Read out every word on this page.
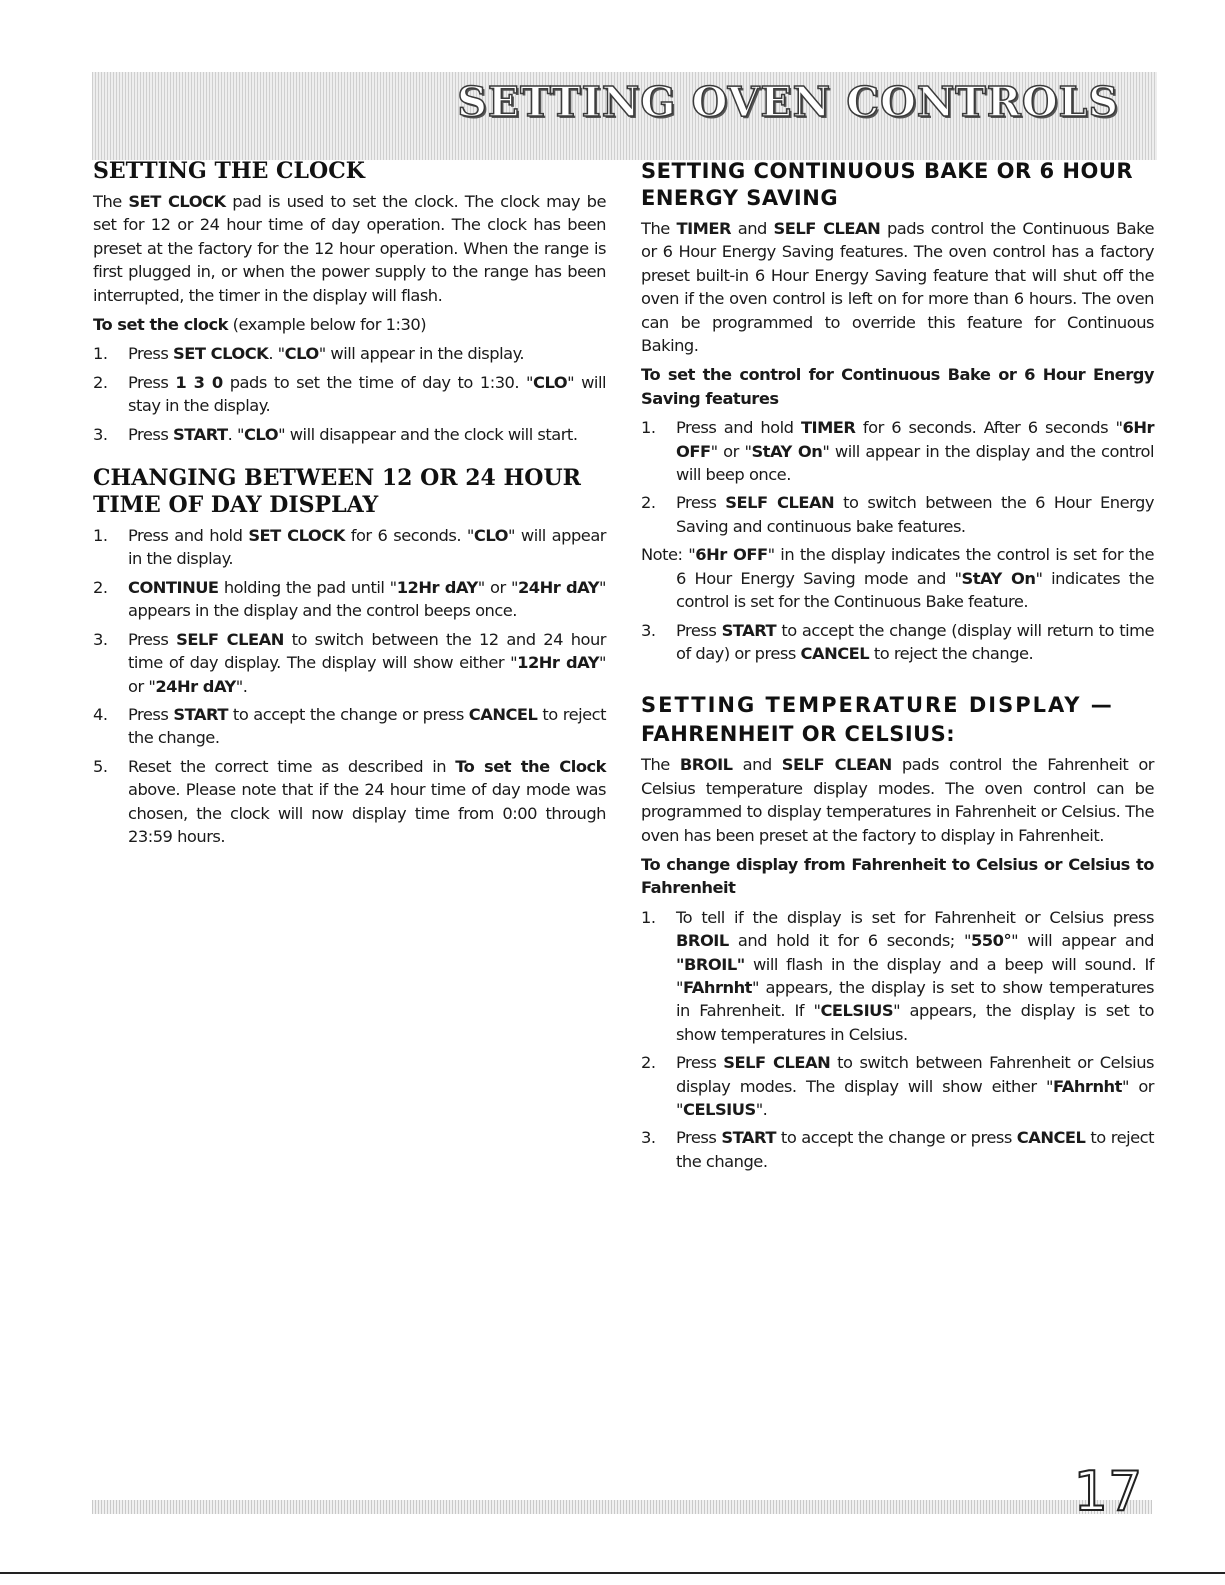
SETTING OVEN CONTROLS
SETTING THE CLOCK

The SET CLOCK pad is used to set the clock. The clock may be set for 12 or 24 hour time of day operation. The clock has been preset at the factory for the 12 hour operation. When the range is first plugged in, or when the power supply to the range has been interrupted, the timer in the display will flash.

To set the clock (example below for 1:30)

1. Press SET CLOCK. "CLO" will appear in the display.
2. Press 1 3 0 pads to set the time of day to 1:30. "CLO" will stay in the display.
3. Press START. "CLO" will disappear and the clock will start.
CHANGING BETWEEN 12 OR 24 HOUR TIME OF DAY DISPLAY
1. Press and hold SET CLOCK for 6 seconds. "CLO" will appear in the display.
2. CONTINUE holding the pad until "12Hr dAY" or "24Hr dAY" appears in the display and the control beeps once.
3. Press SELF CLEAN to switch between the 12 and 24 hour time of day display. The display will show either "12Hr dAY" or "24Hr dAY".
4. Press START to accept the change or press CANCEL to reject the change.
5. Reset the correct time as described in To set the Clock above. Please note that if the 24 hour time of day mode was chosen, the clock will now display time from 0:00 through 23:59 hours.
SETTING CONTINUOUS BAKE OR 6 HOUR ENERGY SAVING

The TIMER and SELF CLEAN pads control the Continuous Bake or 6 Hour Energy Saving features. The oven control has a factory preset built-in 6 Hour Energy Saving feature that will shut off the oven if the oven control is left on for more than 6 hours. The oven can be programmed to override this feature for Continuous Baking.

To set the control for Continuous Bake or 6 Hour Energy Saving features

1. Press and hold TIMER for 6 seconds. After 6 seconds "6Hr OFF" or "StAY On" will appear in the display and the control will beep once.
2. Press SELF CLEAN to switch between the 6 Hour Energy Saving and continuous bake features.

Note: "6Hr OFF" in the display indicates the control is set for the 6 Hour Energy Saving mode and "StAY On" indicates the control is set for the Continuous Bake feature.

3. Press START to accept the change (display will return to time of day) or press CANCEL to reject the change.
SETTING TEMPERATURE DISPLAY —
FAHRENHEIT OR CELSIUS:

The BROIL and SELF CLEAN pads control the Fahrenheit or Celsius temperature display modes. The oven control can be programmed to display temperatures in Fahrenheit or Celsius. The oven has been preset at the factory to display in Fahrenheit.

To change display from Fahrenheit to Celsius or Celsius to Fahrenheit

1. To tell if the display is set for Fahrenheit or Celsius press BROIL and hold it for 6 seconds; "550°" will appear and "BROIL" will flash in the display and a beep will sound. If "FAhrnht" appears, the display is set to show temperatures in Fahrenheit. If "CELSIUS" appears, the display is set to show temperatures in Celsius.
2. Press SELF CLEAN to switch between Fahrenheit or Celsius display modes. The display will show either "FAhrnht" or "CELSIUS".
3. Press START to accept the change or press CANCEL to reject the change.
17
